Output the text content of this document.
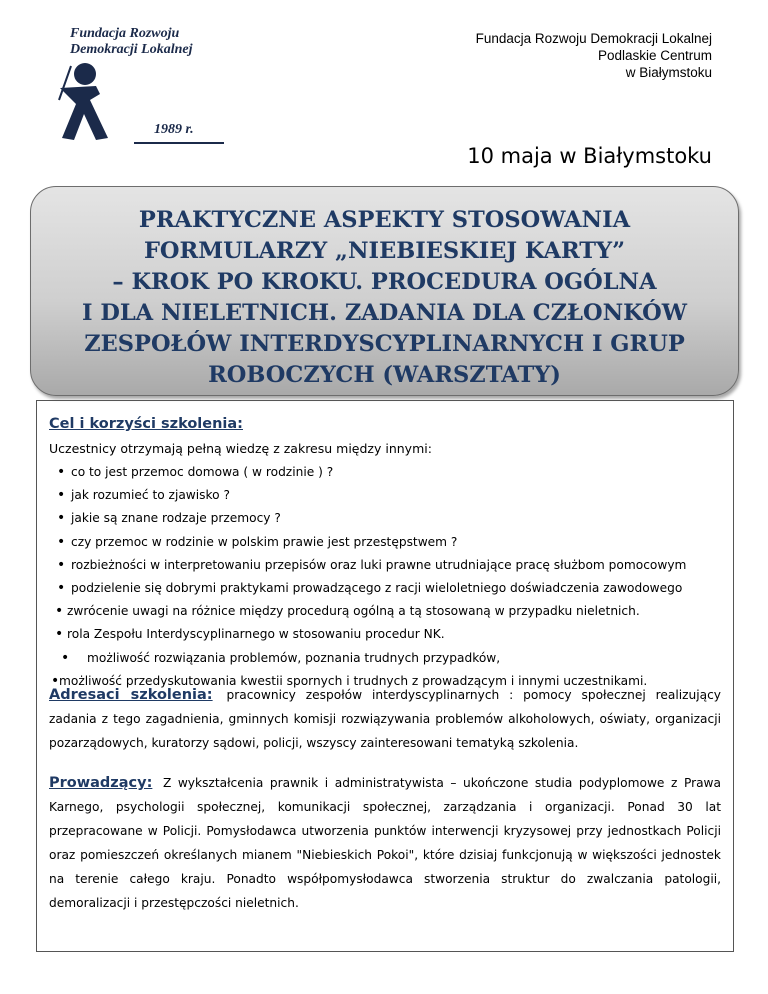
Fundacja Rozwoju
Demokracji Lokalnej
1989 r.
Fundacja Rozwoju Demokracji Lokalnej
Podlaskie Centrum
w Białymstoku
10 maja w Białymstoku
PRAKTYCZNE ASPEKTY STOSOWANIA
FORMULARZY „NIEBIESKIEJ KARTY”
– KROK PO KROKU. PROCEDURA OGÓLNA
I DLA NIELETNICH. ZADANIA DLA CZŁONKÓW
ZESPOŁÓW INTERDYSCYPLINARNYCH I GRUP
ROBOCZYCH (WARSZTATY)
Cel i korzyści szkolenia:
Uczestnicy otrzymają pełną wiedzę z zakresu między innymi:
• co to jest przemoc domowa ( w rodzinie ) ?
• jak rozumieć to zjawisko ?
• jakie są znane rodzaje przemocy ?
• czy przemoc w rodzinie w polskim prawie jest przestępstwem ?
• rozbieżności w interpretowaniu przepisów oraz luki prawne utrudniające pracę służbom pomocowym
• podzielenie się dobrymi praktykami prowadzącego z racji wieloletniego doświadczenia zawodowego
• zwrócenie uwagi na różnice między procedurą ogólną a tą stosowaną w przypadku nieletnich.
• rola Zespołu Interdyscyplinarnego w stosowaniu procedur NK.
• możliwość rozwiązania problemów, poznania trudnych przypadków,
• możliwość przedyskutowania kwestii spornych i trudnych z prowadzącym i innymi uczestnikami.
Adresaci szkolenia: pracownicy zespołów interdyscyplinarnych : pomocy społecznej realizujący zadania z tego zagadnienia, gminnych komisji rozwiązywania problemów alkoholowych, oświaty, organizacji pozarządowych, kuratorzy sądowi, policji, wszyscy zainteresowani tematyką szkolenia.
Prowadzący: Z wykształcenia prawnik i administratywista – ukończone studia podyplomowe z Prawa Karnego, psychologii społecznej, komunikacji społecznej, zarządzania i organizacji. Ponad 30 lat przepracowane w Policji. Pomysłodawca utworzenia punktów interwencji kryzysowej przy jednostkach Policji oraz pomieszczeń określanych mianem "Niebieskich Pokoi", które dzisiaj funkcjonują w większości jednostek na terenie całego kraju. Ponadto współpomysłodawca stworzenia struktur do zwalczania patologii, demoralizacji i przestępczości nieletnich.
